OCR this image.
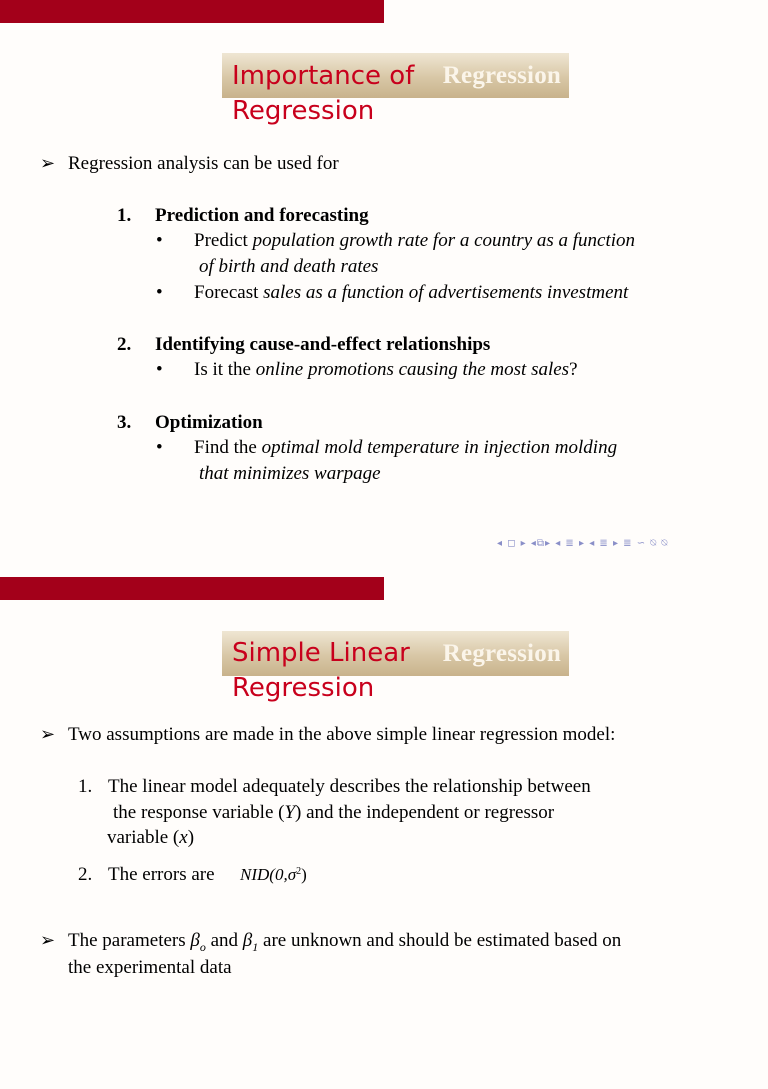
Regression
Importance of
Regression
➢ Regression analysis can be used for
1. Prediction and forecasting
• Predict population growth rate for a country as a function
of birth and death rates
• Forecast sales as a function of advertisements investment
2. Identifying cause-and-effect relationships
• Is it the online promotions causing the most sales?
3. Optimization
• Find the optimal mold temperature in injection molding
that minimizes warpage
◂ ◻ ▸ ◂⧉▸ ◂ ≣ ▸ ◂ ≣ ▸ ≣ ∽ ⍉ ⍉
Regression
Simple Linear
Regression
➢ Two assumptions are made in the above simple linear regression model:
1. The linear model adequately describes the relationship between
the response variable (Y) and the independent or regressor
variable (x)
2. The errors are $NID(0,\sigma^2)$
➢ The parameters $\beta_o$ and $\beta_1$ are unknown and should be estimated based on
the experimental data
